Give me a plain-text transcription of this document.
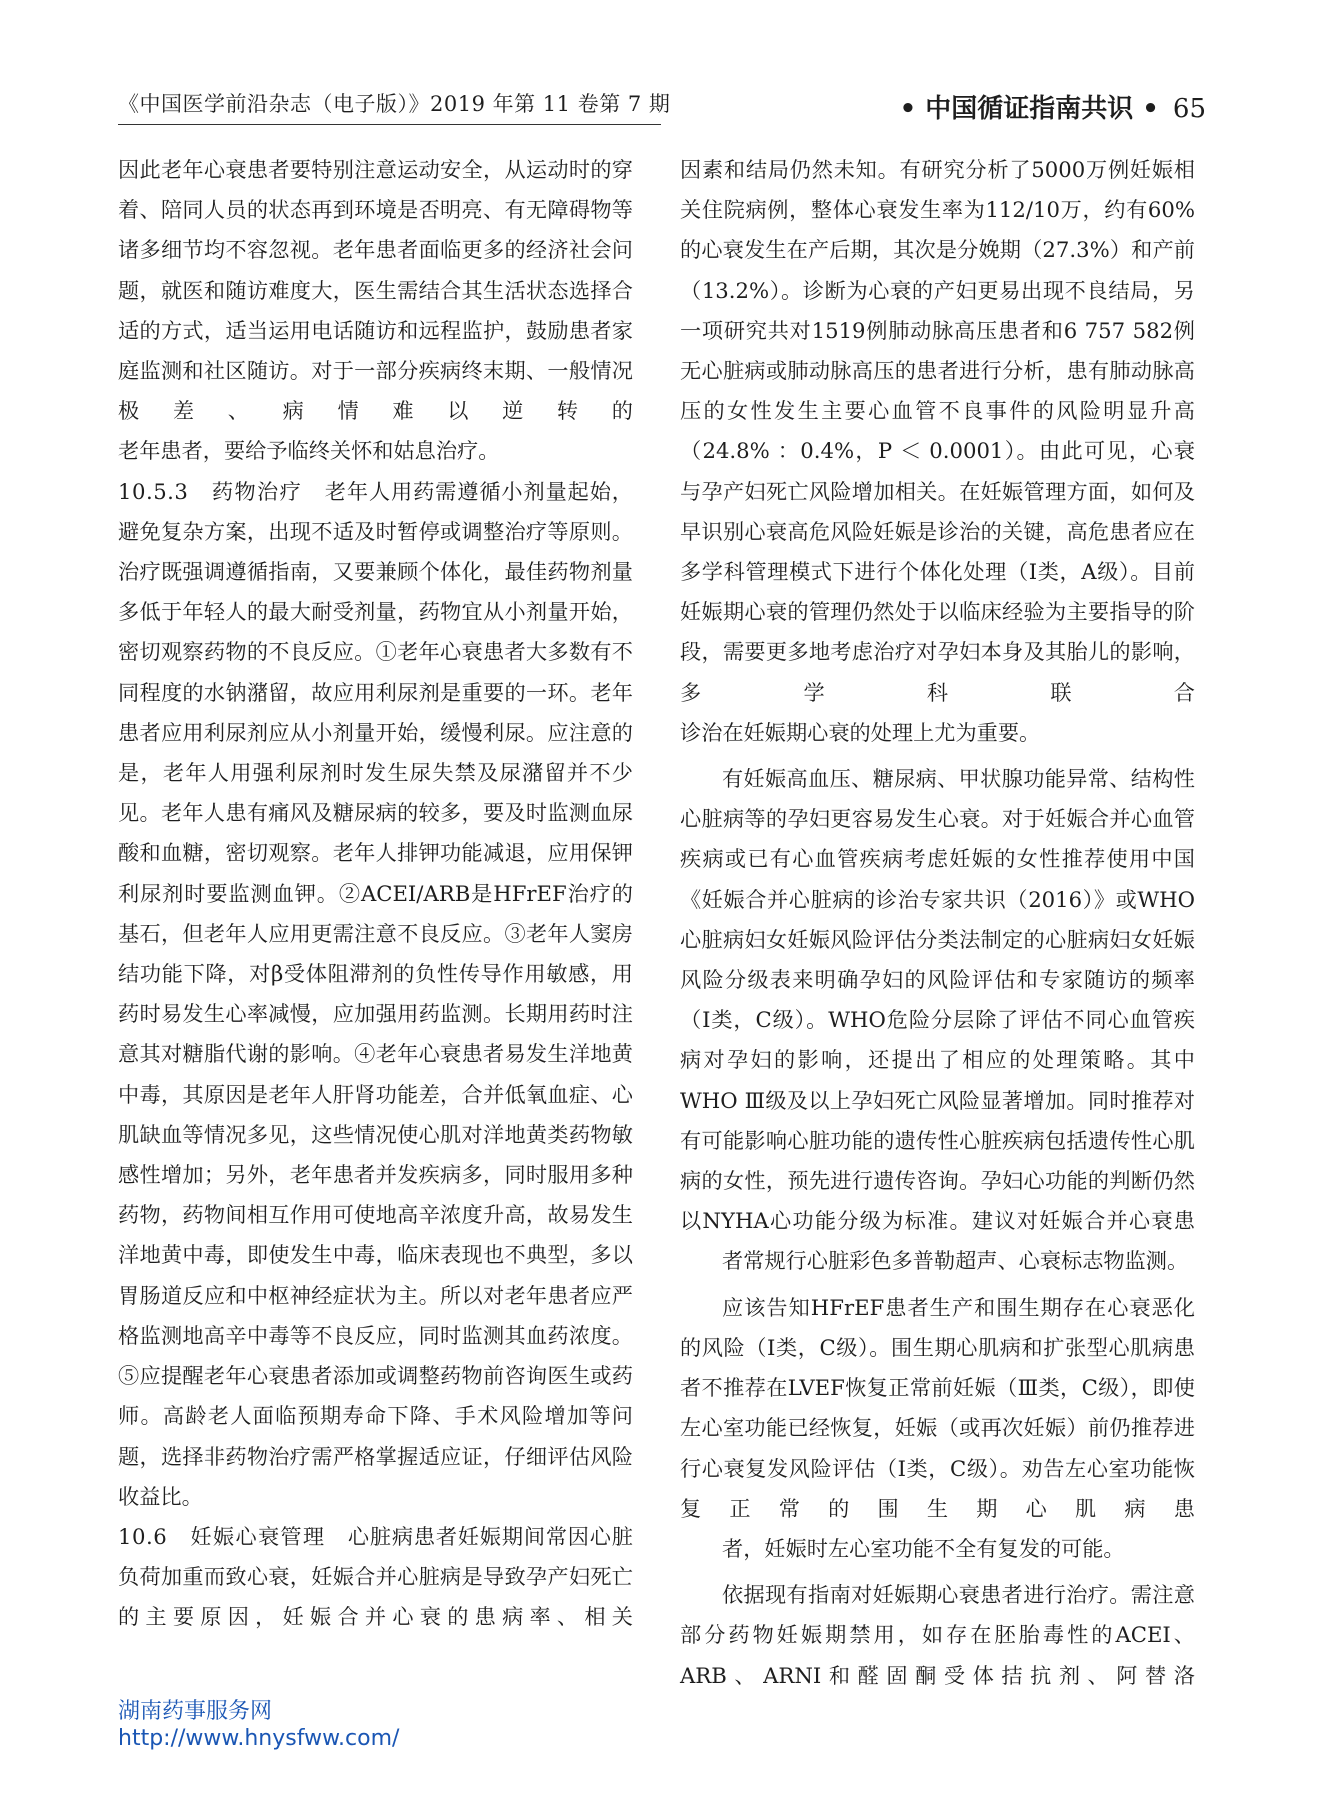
《中国医学前沿杂志（电子版）》2019 年第 11 卷第 7 期	• 中国循证指南共识 • 65

因此老年心衰患者要特别注意运动安全，从运动时的穿着、陪同人员的状态再到环境是否明亮、有无障碍物等诸多细节均不容忽视。老年患者面临更多的经济社会问题，就医和随访难度大，医生需结合其生活状态选择合适的方式，适当运用电话随访和远程监护，鼓励患者家庭监测和社区随访。对于一部分疾病终末期、一般情况极差、病情难以逆转的
老年患者，要给予临终关怀和姑息治疗。

10.5.3　药物治疗　老年人用药需遵循小剂量起始，避免复杂方案，出现不适及时暂停或调整治疗等原则。治疗既强调遵循指南，又要兼顾个体化，最佳药物剂量多低于年轻人的最大耐受剂量，药物宜从小剂量开始，密切观察药物的不良反应。①老年心衰患者大多数有不同程度的水钠潴留，故应用利尿剂是重要的一环。老年患者应用利尿剂应从小剂量开始，缓慢利尿。应注意的是，老年人用强利尿剂时发生尿失禁及尿潴留并不少见。老年人患有痛风及糖尿病的较多，要及时监测血尿酸和血糖，密切观察。老年人排钾功能减退，应用保钾利尿剂时要监测血钾。②ACEI/ARB是HFrEF治疗的基石，但老年人应用更需注意不良反应。③老年人窦房结功能下降，对β受体阻滞剂的负性传导作用敏感，用药时易发生心率减慢，应加强用药监测。长期用药时注意其对糖脂代谢的影响。④老年心衰患者易发生洋地黄中毒，其原因是老年人肝肾功能差，合并低氧血症、心肌缺血等情况多见，这些情况使心肌对洋地黄类药物敏感性增加；另外，老年患者并发疾病多，同时服用多种药物，药物间相互作用可使地高辛浓度升高，故易发生洋地黄中毒，即使发生中毒，临床表现也不典型，多以胃肠道反应和中枢神经症状为主。所以对老年患者应严格监测地高辛中毒等不良反应，同时监测其血药浓度。⑤应提醒老年心衰患者添加或调整药物前咨询医生或药师。高龄老人面临预期寿命下降、手术风险增加等问题，选择非药物治疗需严格掌握适应证，仔细评估风险
收益比。

10.6　妊娠心衰管理　心脏病患者妊娠期间常因心脏负荷加重而致心衰，妊娠合并心脏病是导致孕产妇死亡的主要原因，妊娠合并心衰的患病率、相关

因素和结局仍然未知。有研究分析了5000万例妊娠相关住院病例，整体心衰发生率为112/10万，约有60%的心衰发生在产后期，其次是分娩期（27.3%）和产前（13.2%）。诊断为心衰的产妇更易出现不良结局，另一项研究共对1519例肺动脉高压患者和6 757 582例无心脏病或肺动脉高压的患者进行分析，患有肺动脉高压的女性发生主要心血管不良事件的风险明显升高（24.8% ：0.4%，P ＜ 0.0001）。由此可见，心衰与孕产妇死亡风险增加相关。在妊娠管理方面，如何及早识别心衰高危风险妊娠是诊治的关键，高危患者应在多学科管理模式下进行个体化处理（Ⅰ类，A级）。目前妊娠期心衰的管理仍然处于以临床经验为主要指导的阶段，需要更多地考虑治疗对孕妇本身及其胎儿的影响，多学科联合
诊治在妊娠期心衰的处理上尤为重要。

有妊娠高血压、糖尿病、甲状腺功能异常、结构性心脏病等的孕妇更容易发生心衰。对于妊娠合并心血管疾病或已有心血管疾病考虑妊娠的女性推荐使用中国《妊娠合并心脏病的诊治专家共识（2016）》或WHO心脏病妇女妊娠风险评估分类法制定的心脏病妇女妊娠风险分级表来明确孕妇的风险评估和专家随访的频率（Ⅰ类，C级）。WHO危险分层除了评估不同心血管疾病对孕妇的影响，还提出了相应的处理策略。其中WHO Ⅲ级及以上孕妇死亡风险显著增加。同时推荐对有可能影响心脏功能的遗传性心脏疾病包括遗传性心肌病的女性，预先进行遗传咨询。孕妇心功能的判断仍然以NYHA心功能分级为标准。建议对妊娠合并心衰患
者常规行心脏彩色多普勒超声、心衰标志物监测。

应该告知HFrEF患者生产和围生期存在心衰恶化的风险（Ⅰ类，C级）。围生期心肌病和扩张型心肌病患者不推荐在LVEF恢复正常前妊娠（Ⅲ类，C级），即使左心室功能已经恢复，妊娠（或再次妊娠）前仍推荐进行心衰复发风险评估（Ⅰ类，C级）。劝告左心室功能恢复正常的围生期心肌病患
者，妊娠时左心室功能不全有复发的可能。

依据现有指南对妊娠期心衰患者进行治疗。需注意部分药物妊娠期禁用，如存在胚胎毒性的ACEI、ARB、ARNI和醛固酮受体拮抗剂、阿替洛

湖南药事服务网
http://www.hnysfww.com/
